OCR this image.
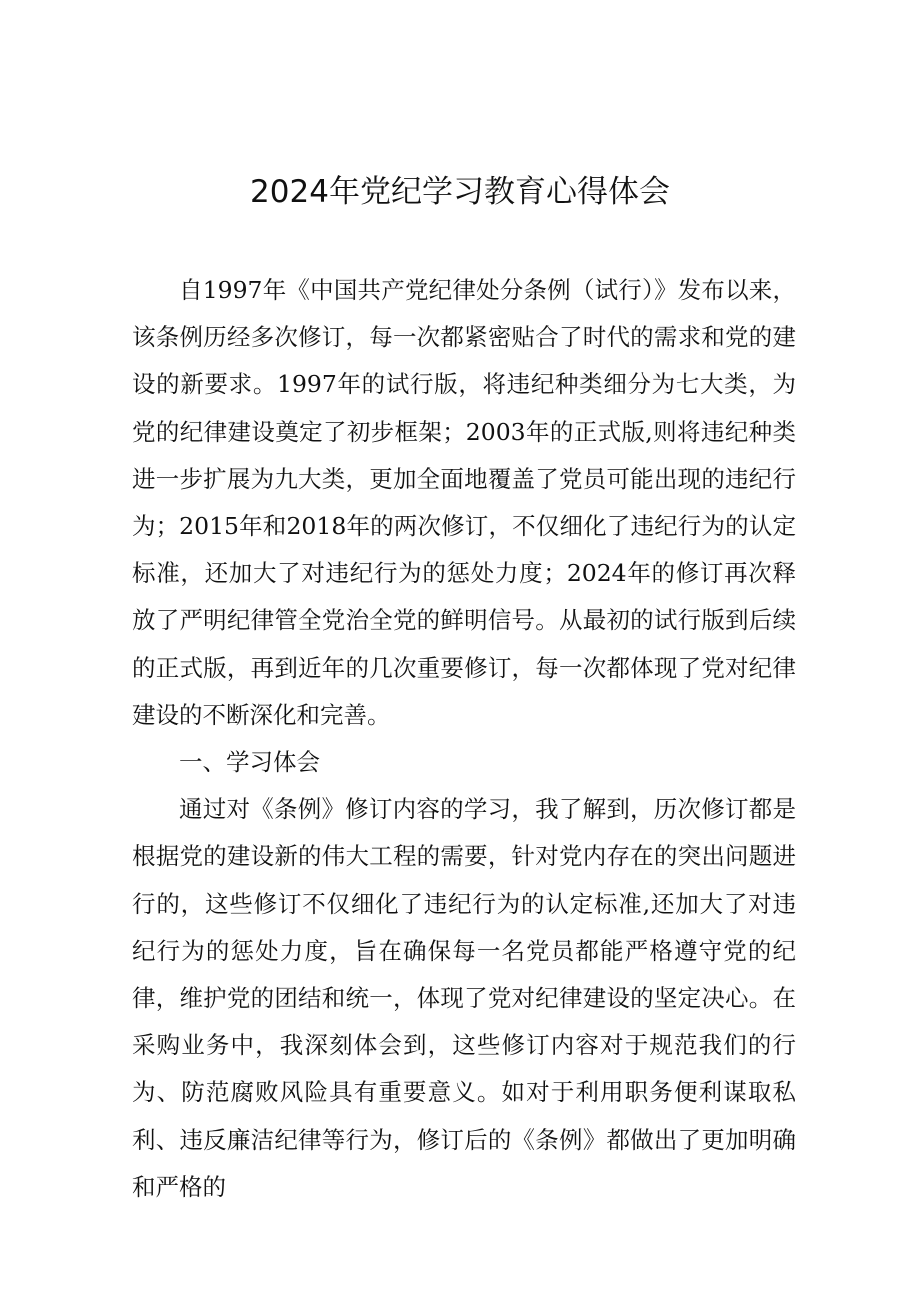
2024年党纪学习教育心得体会

自1997年《中国共产党纪律处分条例（试行）》发布以来，该条例历经多次修订，每一次都紧密贴合了时代的需求和党的建设的新要求。1997年的试行版，将违纪种类细分为七大类，为党的纪律建设奠定了初步框架；2003年的正式版,则将违纪种类进一步扩展为九大类，更加全面地覆盖了党员可能出现的违纪行为；2015年和2018年的两次修订，不仅细化了违纪行为的认定标准，还加大了对违纪行为的惩处力度；2024年的修订再次释放了严明纪律管全党治全党的鲜明信号。从最初的试行版到后续的正式版，再到近年的几次重要修订，每一次都体现了党对纪律建设的不断深化和完善。

一、学习体会

通过对《条例》修订内容的学习，我了解到，历次修订都是根据党的建设新的伟大工程的需要，针对党内存在的突出问题进行的，这些修订不仅细化了违纪行为的认定标准,还加大了对违纪行为的惩处力度，旨在确保每一名党员都能严格遵守党的纪律，维护党的团结和统一，体现了党对纪律建设的坚定决心。在采购业务中，我深刻体会到，这些修订内容对于规范我们的行为、防范腐败风险具有重要意义。如对于利用职务便利谋取私利、违反廉洁纪律等行为，修订后的《条例》都做出了更加明确和严格的
